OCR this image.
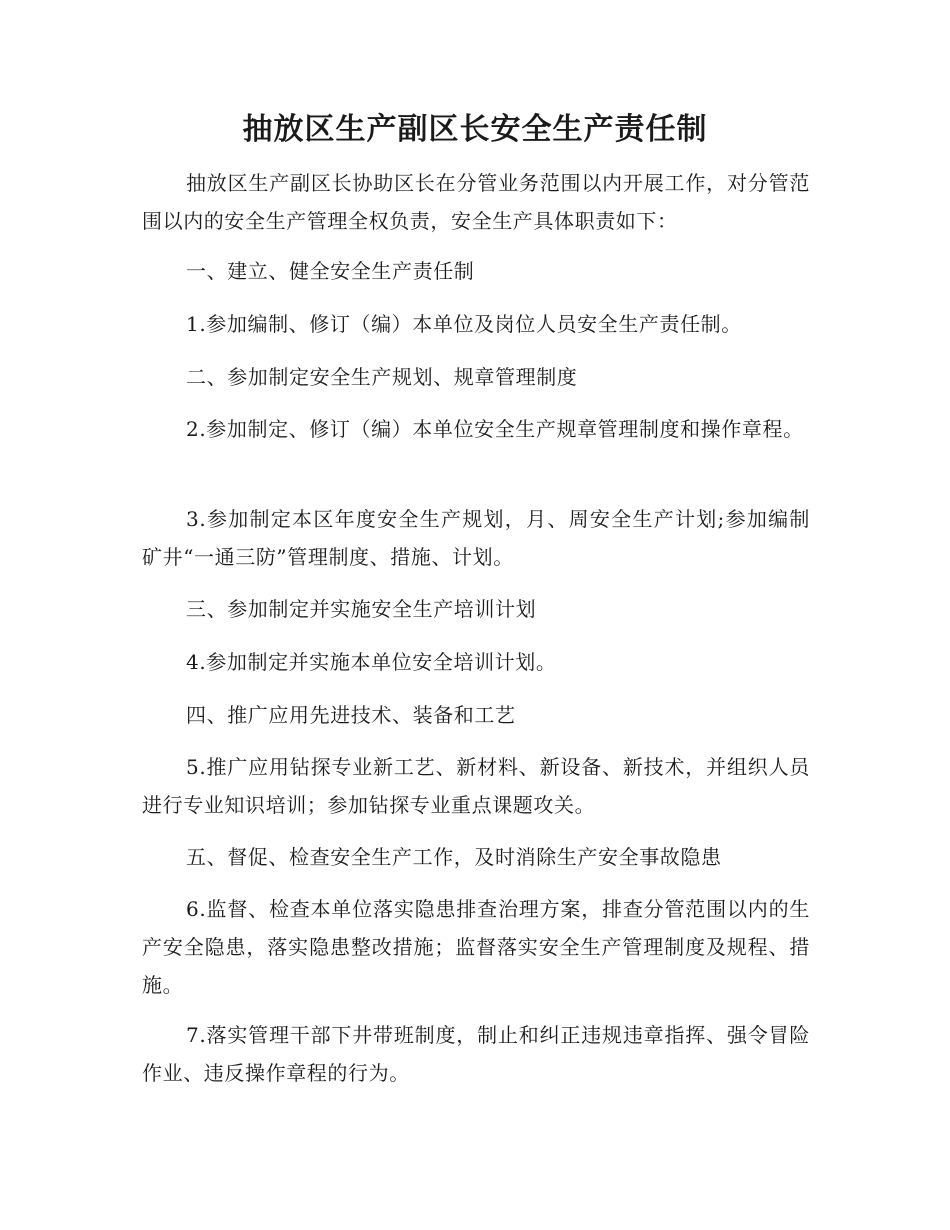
抽放区生产副区长安全生产责任制

抽放区生产副区长协助区长在分管业务范围以内开展工作，对分管范围以内的安全生产管理全权负责，安全生产具体职责如下：

一、建立、健全安全生产责任制

1.参加编制、修订（编）本单位及岗位人员安全生产责任制。

二、参加制定安全生产规划、规章管理制度

2.参加制定、修订（编）本单位安全生产规章管理制度和操作章程。

3.参加制定本区年度安全生产规划，月、周安全生产计划;参加编制矿井“一通三防”管理制度、措施、计划。

三、参加制定并实施安全生产培训计划

4.参加制定并实施本单位安全培训计划。

四、推广应用先进技术、装备和工艺

5.推广应用钻探专业新工艺、新材料、新设备、新技术，并组织人员进行专业知识培训；参加钻探专业重点课题攻关。

五、督促、检查安全生产工作，及时消除生产安全事故隐患

6.监督、检查本单位落实隐患排查治理方案，排查分管范围以内的生产安全隐患，落实隐患整改措施；监督落实安全生产管理制度及规程、措施。

7.落实管理干部下井带班制度，制止和纠正违规违章指挥、强令冒险作业、违反操作章程的行为。
